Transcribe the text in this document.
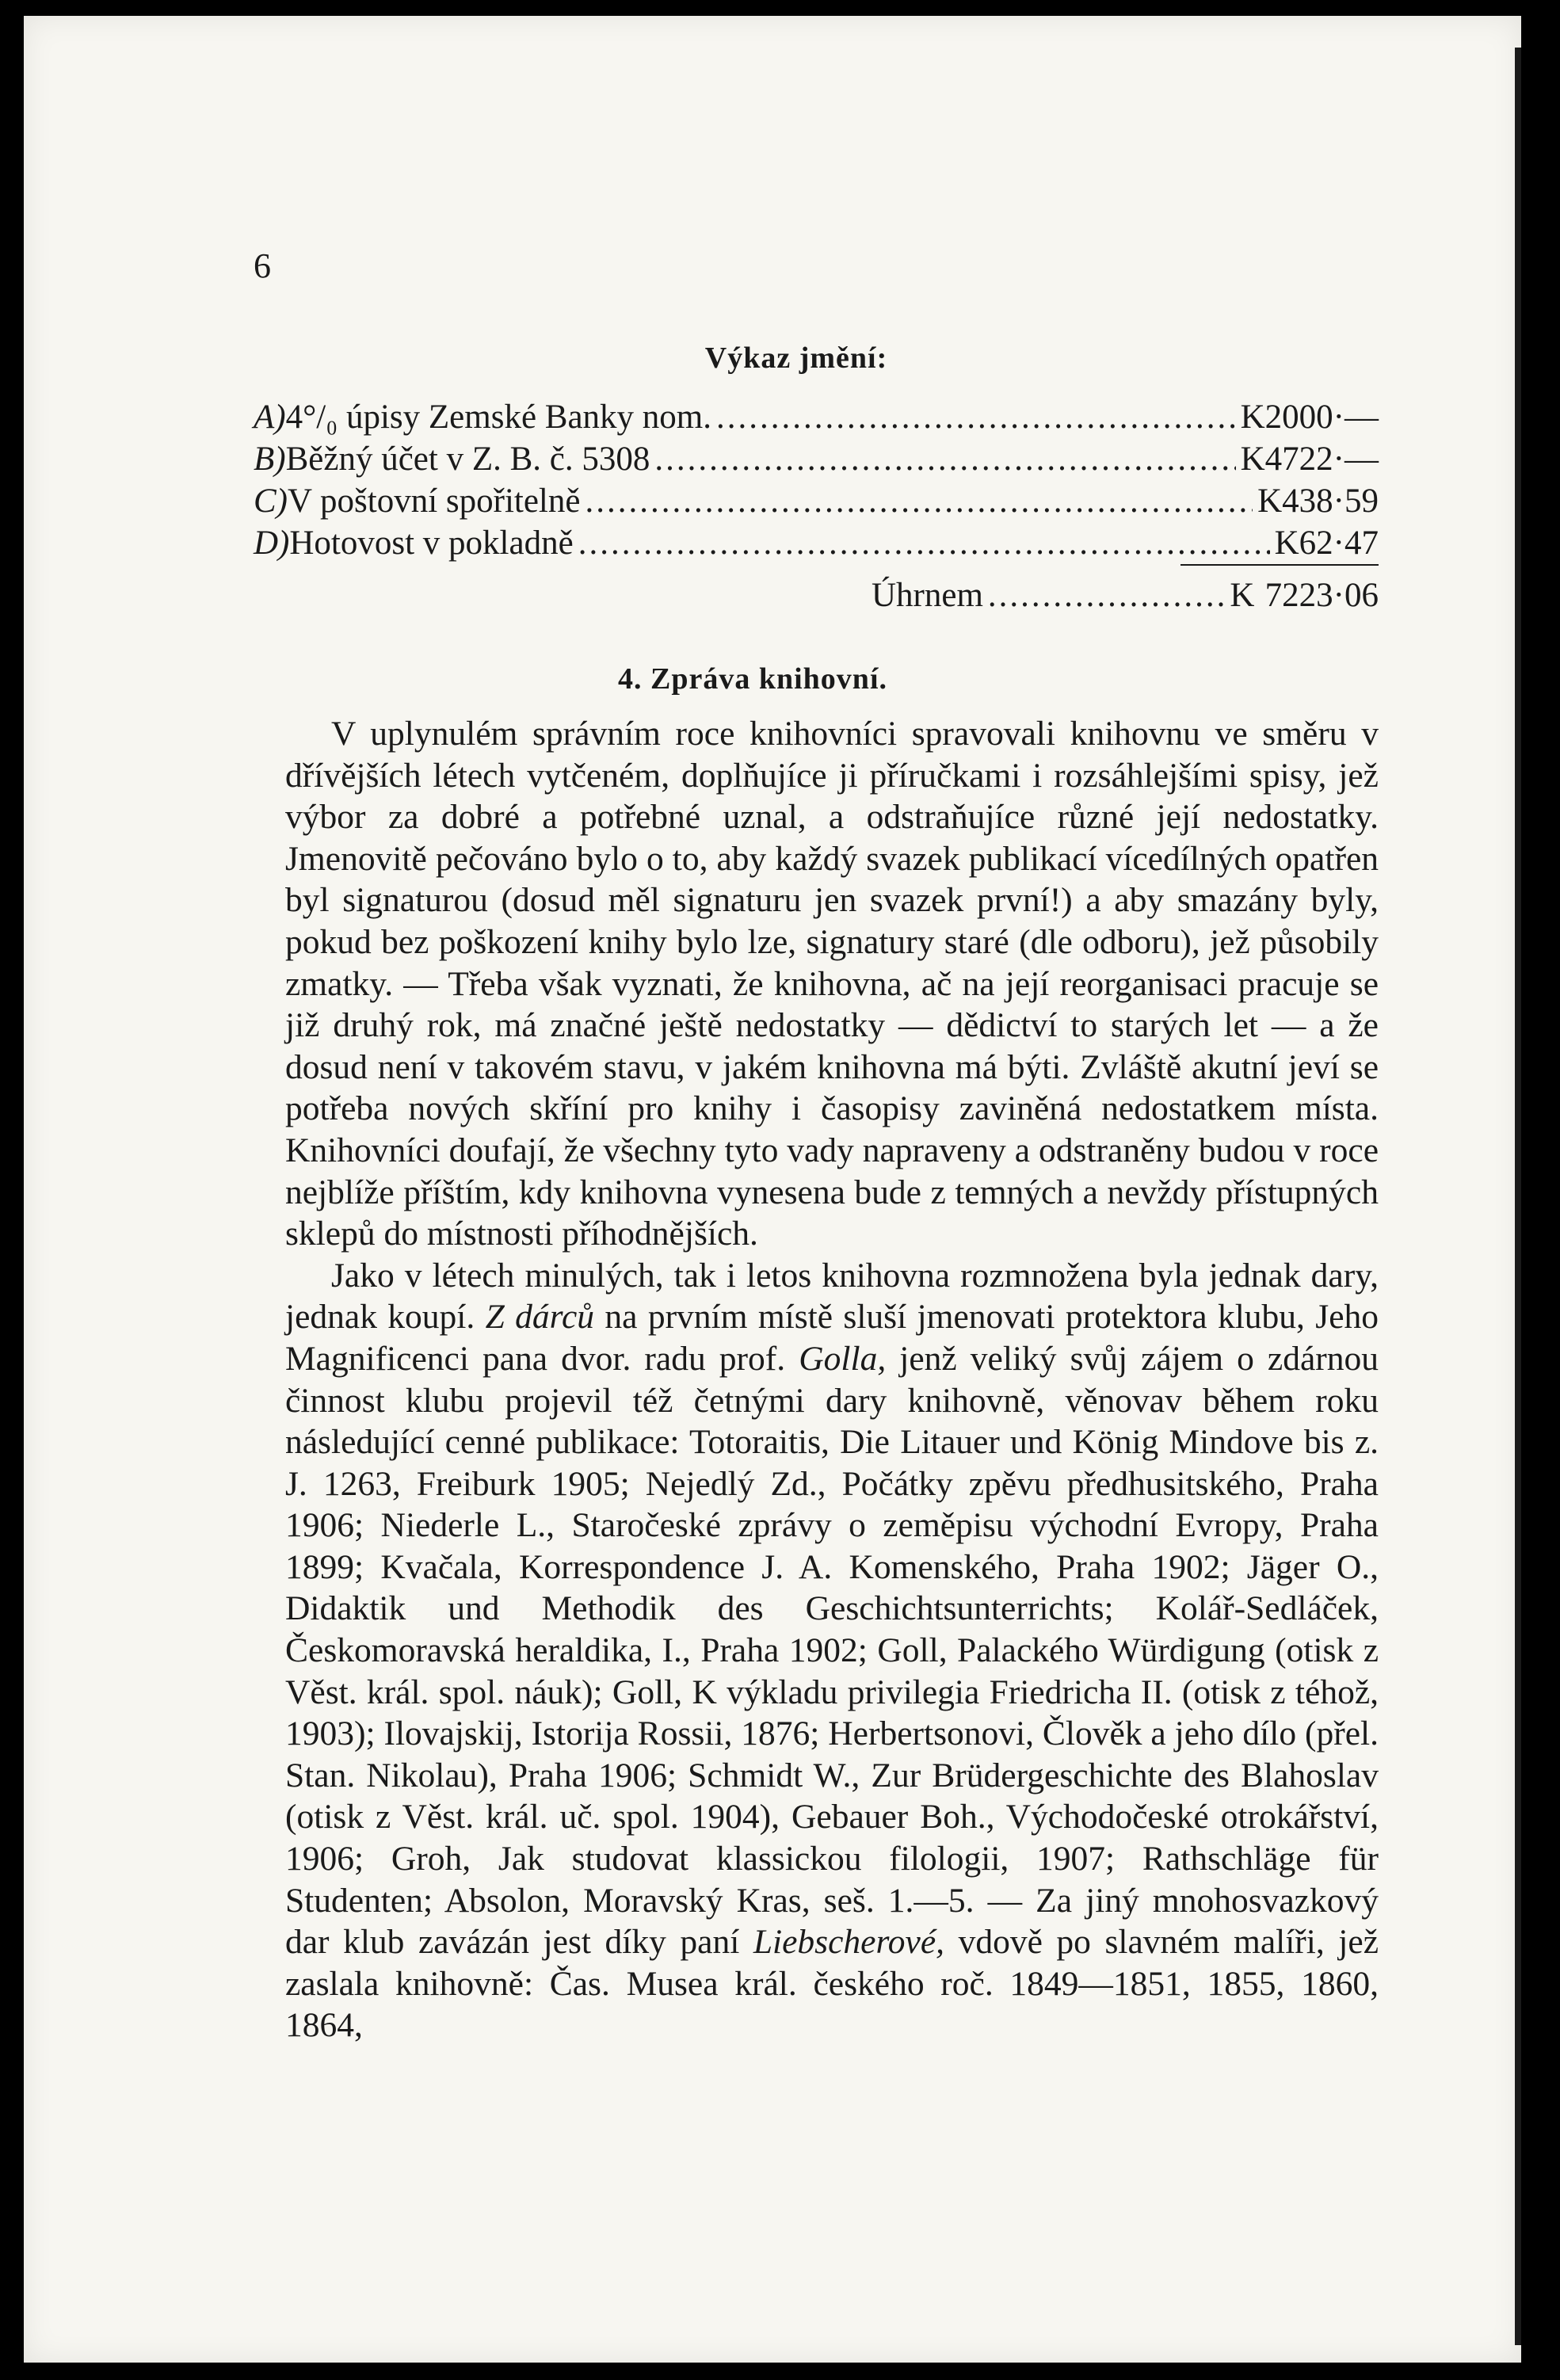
6
Výkaz jmění:
A) 4°/₀ úpisy Zemské Banky nom. .....	K 2000·—
B) Běžný účet v Z. B. č. 5308 .....	K 4722·—
C) V poštovní spořitelně .....	K 438·59
D) Hotovost v pokladně .....	K 62·47
Úhrnem .....	K 7223·06
4. Zpráva knihovní.

V uplynulém správním roce knihovníci spravovali knihovnu ve směru v dřívějších létech vytčeném, doplňujíce ji příručkami i rozsáhlejšími spisy, jež výbor za dobré a potřebné uznal, a odstraňujíce různé její nedostatky. Jmenovitě pečováno bylo o to, aby každý svazek publikací vícedílných opatřen byl signaturou (dosud měl signaturu jen svazek první!) a aby smazány byly, pokud bez poškození knihy bylo lze, signatury staré (dle odboru), jež působily zmatky. — Třeba však vyznati, že knihovna, ač na její reorganisaci pracuje se již druhý rok, má značné ještě nedostatky — dědictví to starých let — a že dosud není v takovém stavu, v jakém knihovna má býti. Zvláště akutní jeví se potřeba nových skříní pro knihy i časopisy zaviněná nedostatkem místa. Knihovníci doufají, že všechny tyto vady napraveny a odstraněny budou v roce nejblíže příštím, kdy knihovna vynesena bude z temných a nevždy přístupných sklepů do místnosti příhodnějších.

Jako v létech minulých, tak i letos knihovna rozmnožena byla jednak dary, jednak koupí. Z dárců na prvním místě sluší jmenovati protektora klubu, Jeho Magnificenci pana dvor. radu prof. Golla, jenž veliký svůj zájem o zdárnou činnost klubu projevil též četnými dary knihovně, věnovav během roku následující cenné publikace: Totoraitis, Die Litauer und König Mindove bis z. J. 1263, Freiburk 1905; Nejedlý Zd., Počátky zpěvu předhusitského, Praha 1906; Niederle L., Staročeské zprávy o zeměpisu východní Evropy, Praha 1899; Kvačala, Korrespondence J. A. Komenského, Praha 1902; Jäger O., Didaktik und Methodik des Geschichtsunterrichts; Kolář-Sedláček, Českomoravská heraldika, I., Praha 1902; Goll, Palackého Würdigung (otisk z Věst. král. spol. náuk); Goll, K výkladu privilegia Friedricha II. (otisk z téhož, 1903); Ilovajskij, Istorija Rossii, 1876; Herbertsonovi, Člověk a jeho dílo (přel. Stan. Nikolau), Praha 1906; Schmidt W., Zur Brüdergeschichte des Blahoslav (otisk z Věst. král. uč. spol. 1904), Gebauer Boh., Východočeské otrokářství, 1906; Groh, Jak studovat klassickou filologii, 1907; Rathschläge für Studenten; Absolon, Moravský Kras, seš. 1.—5. — Za jiný mnohosvazkový dar klub zavázán jest díky paní Liebscherové, vdově po slavném malíři, jež zaslala knihovně: Čas. Musea král. českého roč. 1849—1851, 1855, 1860, 1864,
